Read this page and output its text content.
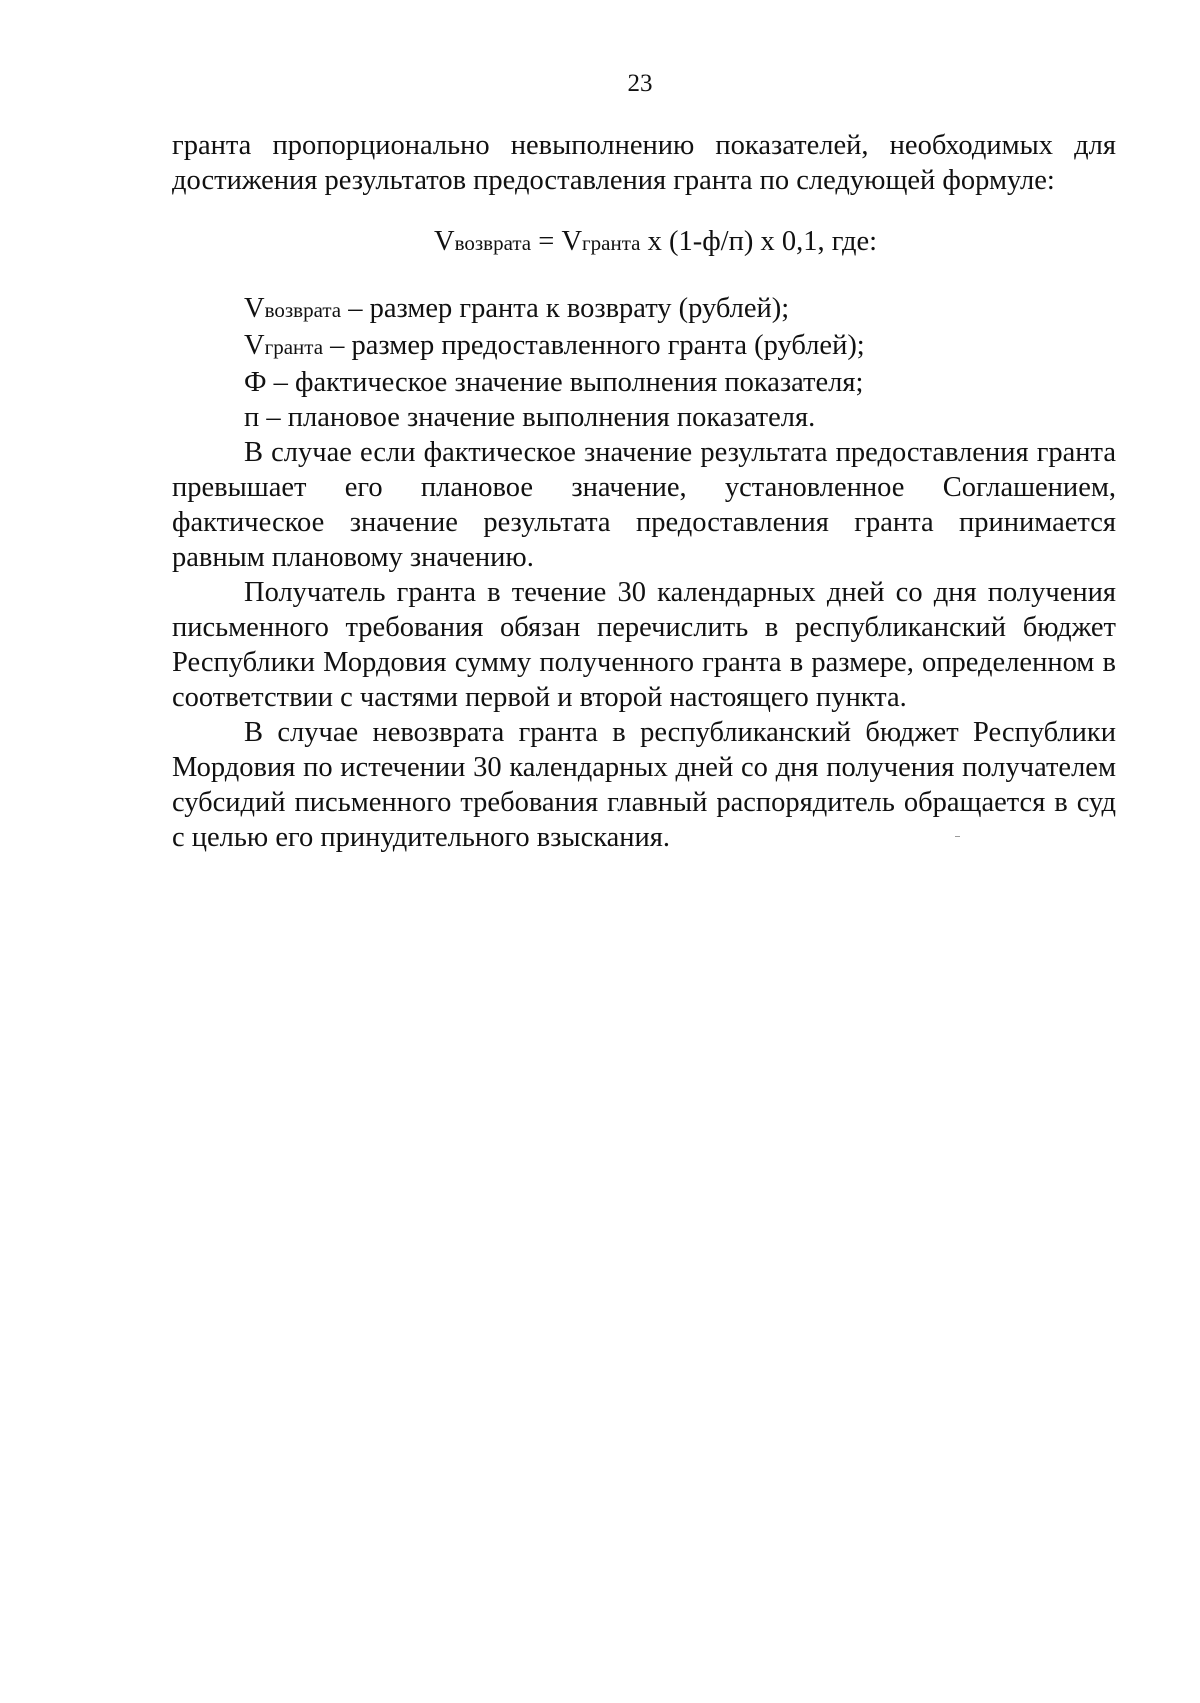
23

гранта пропорционально невыполнению показателей, необходимых для достижения результатов предоставления гранта по следующей формуле:

Vвозврата = Vгранта х (1-ф/п) х 0,1, где:
Vвозврата – размер гранта к возврату (рублей);
Vгранта – размер предоставленного гранта (рублей);
Ф – фактическое значение выполнения показателя;
п – плановое значение выполнения показателя.

В случае если фактическое значение результата предоставления гранта превышает его плановое значение, установленное Соглашением, фактическое значение результата предоставления гранта принимается равным плановому значению.

Получатель гранта в течение 30 календарных дней со дня получения письменного требования обязан перечислить в республиканский бюджет Республики Мордовия сумму полученного гранта в размере, определенном в соответствии с частями первой и второй настоящего пункта.

В случае невозврата гранта в республиканский бюджет Республики Мордовия по истечении 30 календарных дней со дня получения получателем субсидий письменного требования главный распорядитель обращается в суд с целью его принудительного взыскания.
